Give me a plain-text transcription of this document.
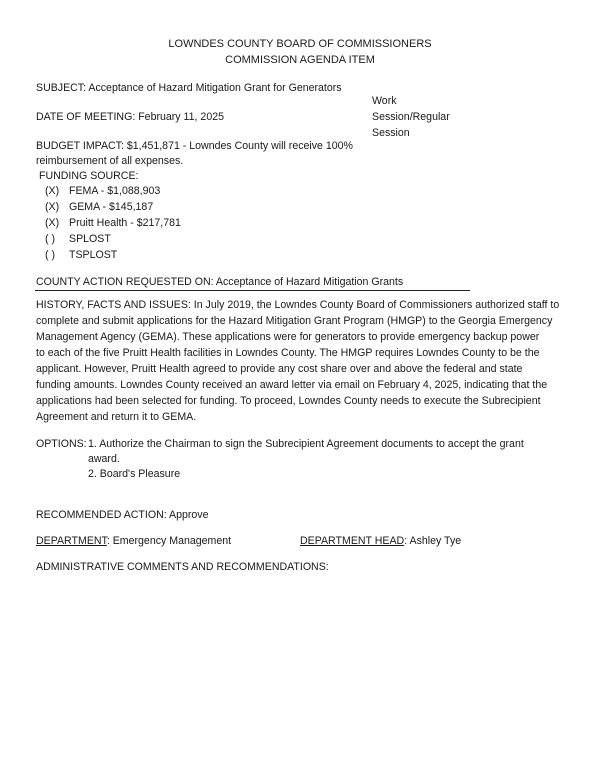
LOWNDES COUNTY BOARD OF COMMISSIONERS
COMMISSION AGENDA ITEM
SUBJECT: Acceptance of Hazard Mitigation Grant for Generators
Work
Session/Regular
Session
DATE OF MEETING: February 11, 2025
BUDGET IMPACT: $1,451,871 - Lowndes County will receive 100%
reimbursement of all expenses.
FUNDING SOURCE:
(X) FEMA - $1,088,903
(X) GEMA - $145,187
(X) Pruitt Health - $217,781
( ) SPLOST
( ) TSPLOST
COUNTY ACTION REQUESTED ON: Acceptance of Hazard Mitigation Grants
HISTORY, FACTS AND ISSUES: In July 2019, the Lowndes County Board of Commissioners authorized staff to
complete and submit applications for the Hazard Mitigation Grant Program (HMGP) to the Georgia Emergency
Management Agency (GEMA). These applications were for generators to provide emergency backup power
to each of the five Pruitt Health facilities in Lowndes County. The HMGP requires Lowndes County to be the
applicant. However, Pruitt Health agreed to provide any cost share over and above the federal and state
funding amounts. Lowndes County received an award letter via email on February 4, 2025, indicating that the
applications had been selected for funding. To proceed, Lowndes County needs to execute the Subrecipient
Agreement and return it to GEMA.
OPTIONS: 1. Authorize the Chairman to sign the Subrecipient Agreement documents to accept the grant
award.
2. Board's Pleasure
RECOMMENDED ACTION: Approve
DEPARTMENT: Emergency Management	DEPARTMENT HEAD: Ashley Tye
ADMINISTRATIVE COMMENTS AND RECOMMENDATIONS:
